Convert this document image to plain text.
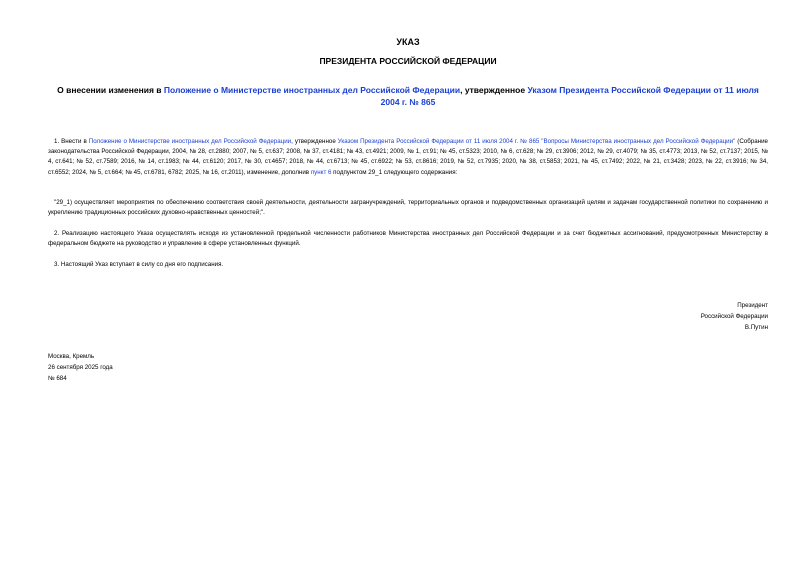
УКАЗ
ПРЕЗИДЕНТА РОССИЙСКОЙ ФЕДЕРАЦИИ
О внесении изменения в Положение о Министерстве иностранных дел Российской Федерации, утвержденное Указом Президента Российской Федерации от 11 июля 2004 г. № 865
1. Внести в Положение о Министерстве иностранных дел Российской Федерации, утвержденное Указом Президента Российской Федерации от 11 июля 2004 г. № 865 "Вопросы Министерства иностранных дел Российской Федерации" (Собрание законодательства Российской Федерации, 2004, № 28, ст.2880; 2007, № 5, ст.637; 2008, № 37, ст.4181; № 43, ст.4921; 2009, № 1, ст.91; № 45, ст.5323; 2010, № 6, ст.628; № 29, ст.3906; 2012, № 29, ст.4079; № 35, ст.4773; 2013, № 52, ст.7137; 2015, № 4, ст.641; № 52, ст.7589; 2016, № 14, ст.1983; № 44, ст.6120; 2017, № 30, ст.4657; 2018, № 44, ст.6713; № 45, ст.6922; № 53, ст.8616; 2019, № 52, ст.7935; 2020, № 38, ст.5853; 2021, № 45, ст.7492; 2022, № 21, ст.3428; 2023, № 22, ст.3916; № 34, ст.6552; 2024, № 5, ст.664; № 45, ст.6781, 6782; 2025, № 16, ст.2011), изменение, дополнив пункт 6 подпунктом 29_1 следующего содержания:
"29_1) осуществляет мероприятия по обеспечению соответствия своей деятельности, деятельности загранучреждений, территориальных органов и подведомственных организаций целям и задачам государственной политики по сохранению и укреплению традиционных российских духовно-нравственных ценностей;".
2. Реализацию настоящего Указа осуществлять исходя из установленной предельной численности работников Министерства иностранных дел Российской Федерации и за счет бюджетных ассигнований, предусмотренных Министерству в федеральном бюджете на руководство и управление в сфере установленных функций.
3. Настоящий Указ вступает в силу со дня его подписания.
Президент
Российской Федерации
В.Путин
Москва, Кремль
26 сентября 2025 года
№ 684
